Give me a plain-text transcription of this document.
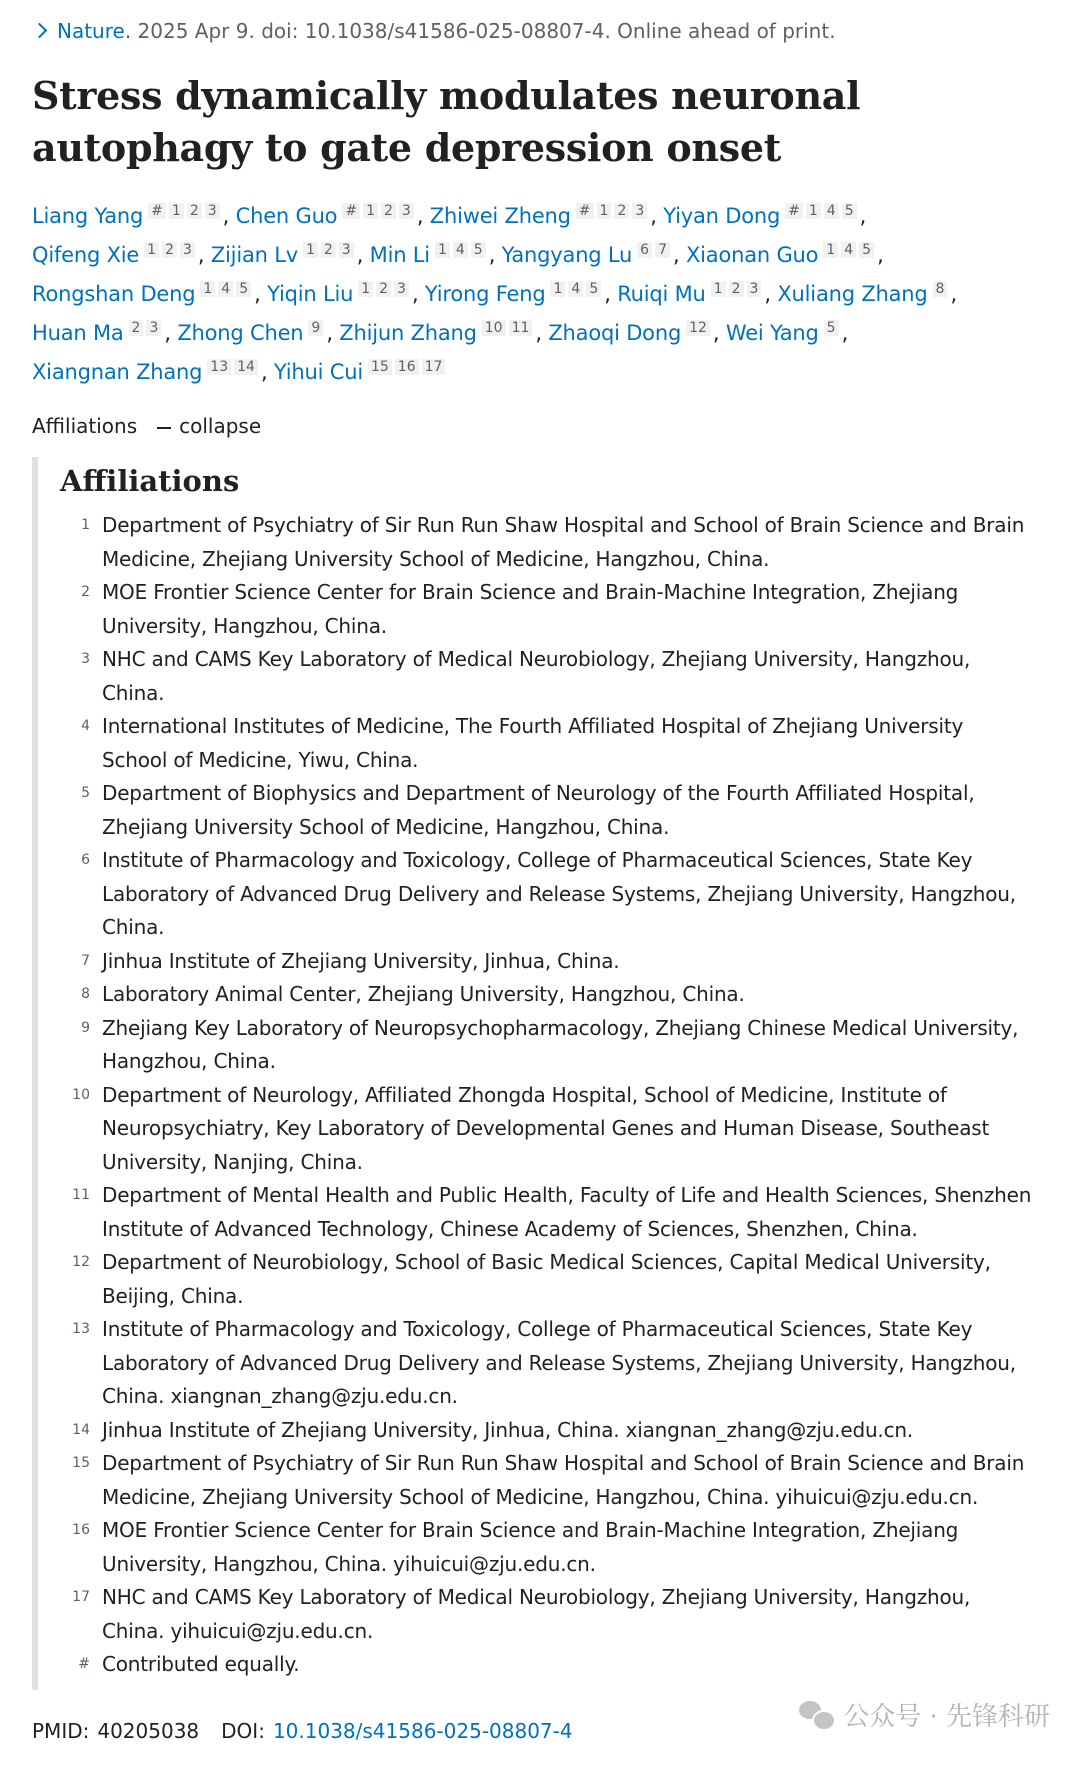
Nature. 2025 Apr 9. doi: 10.1038/s41586-025-08807-4. Online ahead of print.
Stress dynamically modulates neuronal autophagy to gate depression onset
Liang Yang $^{\# 1 2 3}$ , Chen Guo $^{\# 1 2 3}$ , Zhiwei Zheng $^{\# 1 2 3}$ , Yiyan Dong $^{\# 1 4 5}$ ,
Qifeng Xie $^{1 2 3}$ , Zijian Lv $^{1 2 3}$ , Min Li $^{1 4 5}$ , Yangyang Lu $^{6 7}$ , Xiaonan Guo $^{1 4 5}$ ,
Rongshan Deng $^{1 4 5}$ , Yiqin Liu $^{1 2 3}$ , Yirong Feng $^{1 4 5}$ , Ruiqi Mu $^{1 2 3}$ , Xuliang Zhang $^8$ ,
Huan Ma $^{2 3}$ , Zhong Chen $^9$ , Zhijun Zhang $^{10 11}$ , Zhaoqi Dong $^{12}$ , Wei Yang $^5$ ,
Xiangnan Zhang $^{13 14}$ , Yihui Cui $^{15 16 17}$
Affiliations collapse
Affiliations
1 Department of Psychiatry of Sir Run Run Shaw Hospital and School of Brain Science and Brain Medicine, Zhejiang University School of Medicine, Hangzhou, China.
2 MOE Frontier Science Center for Brain Science and Brain-Machine Integration, Zhejiang University, Hangzhou, China.
3 NHC and CAMS Key Laboratory of Medical Neurobiology, Zhejiang University, Hangzhou, China.
4 International Institutes of Medicine, The Fourth Affiliated Hospital of Zhejiang University School of Medicine, Yiwu, China.
5 Department of Biophysics and Department of Neurology of the Fourth Affiliated Hospital, Zhejiang University School of Medicine, Hangzhou, China.
6 Institute of Pharmacology and Toxicology, College of Pharmaceutical Sciences, State Key Laboratory of Advanced Drug Delivery and Release Systems, Zhejiang University, Hangzhou, China.
7 Jinhua Institute of Zhejiang University, Jinhua, China.
8 Laboratory Animal Center, Zhejiang University, Hangzhou, China.
9 Zhejiang Key Laboratory of Neuropsychopharmacology, Zhejiang Chinese Medical University, Hangzhou, China.
10 Department of Neurology, Affiliated Zhongda Hospital, School of Medicine, Institute of Neuropsychiatry, Key Laboratory of Developmental Genes and Human Disease, Southeast University, Nanjing, China.
11 Department of Mental Health and Public Health, Faculty of Life and Health Sciences, Shenzhen Institute of Advanced Technology, Chinese Academy of Sciences, Shenzhen, China.
12 Department of Neurobiology, School of Basic Medical Sciences, Capital Medical University, Beijing, China.
13 Institute of Pharmacology and Toxicology, College of Pharmaceutical Sciences, State Key Laboratory of Advanced Drug Delivery and Release Systems, Zhejiang University, Hangzhou, China. xiangnan_zhang@zju.edu.cn.
14 Jinhua Institute of Zhejiang University, Jinhua, China. xiangnan_zhang@zju.edu.cn.
15 Department of Psychiatry of Sir Run Run Shaw Hospital and School of Brain Science and Brain Medicine, Zhejiang University School of Medicine, Hangzhou, China. yihuicui@zju.edu.cn.
16 MOE Frontier Science Center for Brain Science and Brain-Machine Integration, Zhejiang University, Hangzhou, China. yihuicui@zju.edu.cn.
17 NHC and CAMS Key Laboratory of Medical Neurobiology, Zhejiang University, Hangzhou, China. yihuicui@zju.edu.cn.
# Contributed equally.
PMID: 40205038 DOI: 10.1038/s41586-025-08807-4	公众号 · 先锋科研
